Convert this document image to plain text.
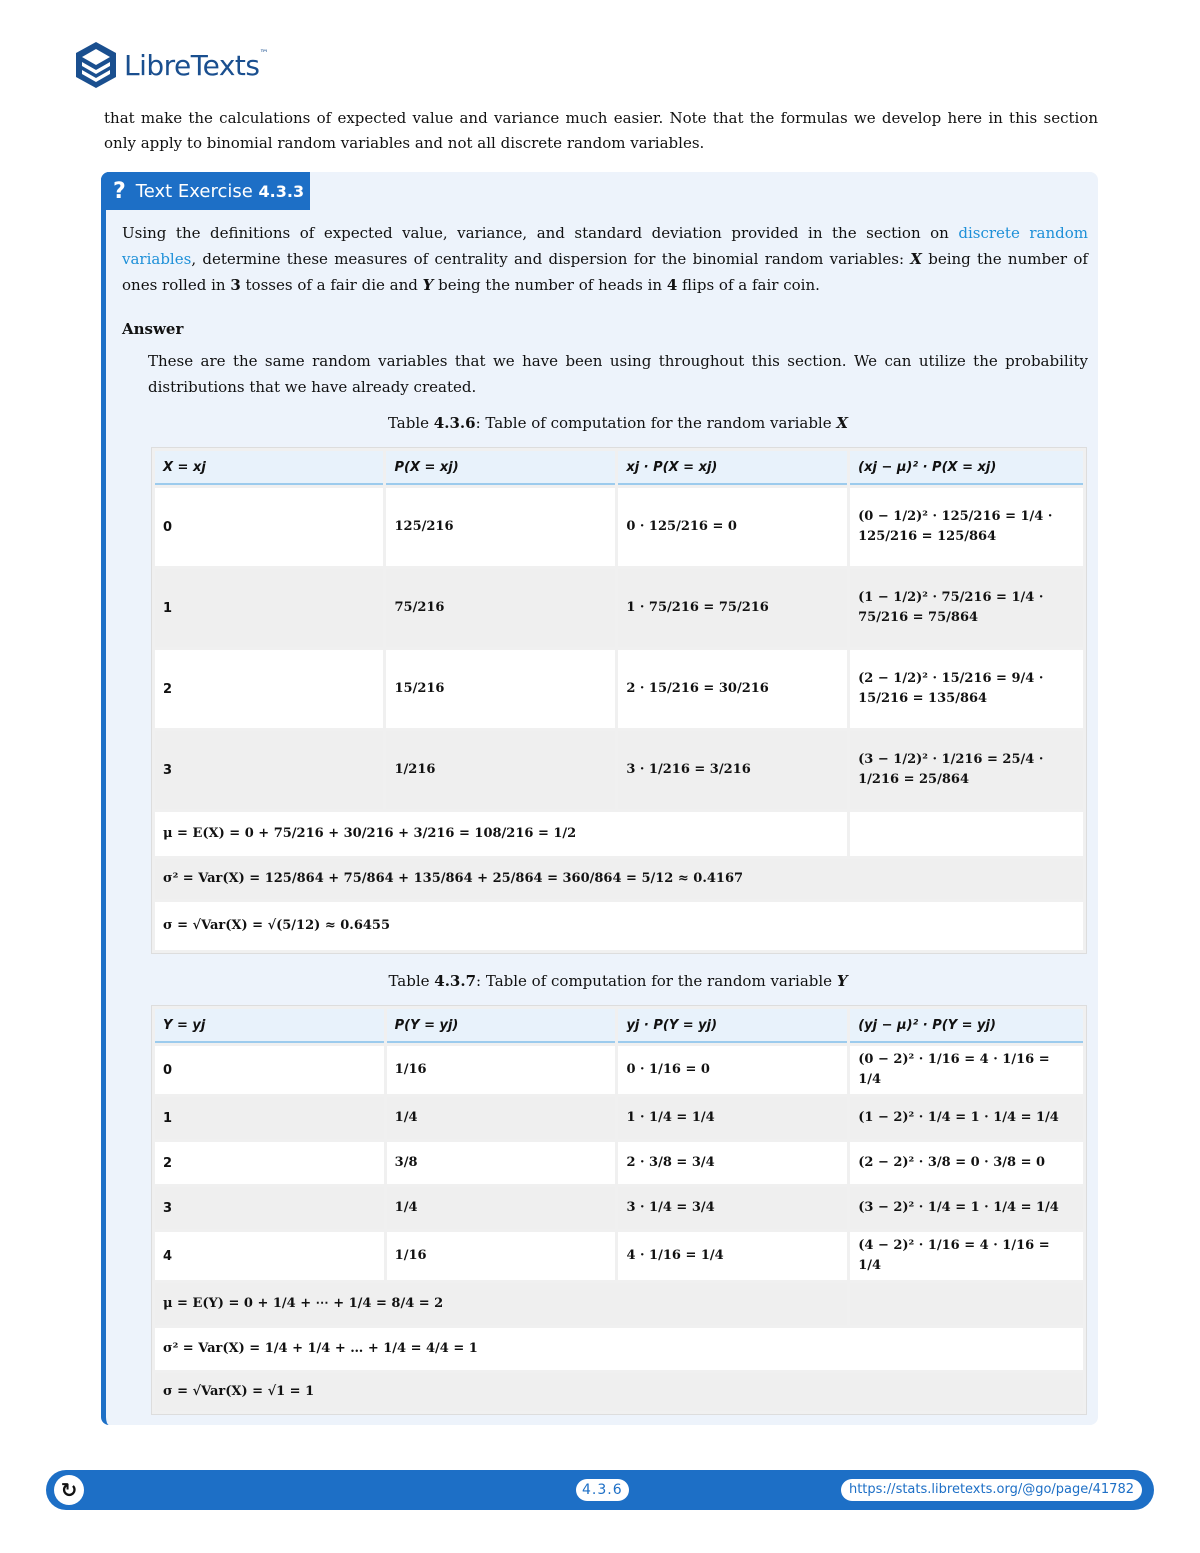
LibreTexts™

that make the calculations of expected value and variance much easier. Note that the formulas we develop here in this section only apply to binomial random variables and not all discrete random variables.

? Text Exercise 4.3.3

Using the definitions of expected value, variance, and standard deviation provided in the section on discrete random variables, determine these measures of centrality and dispersion for the binomial random variables: X being the number of ones rolled in 3 tosses of a fair die and Y being the number of heads in 4 flips of a fair coin.

Answer

These are the same random variables that we have been using throughout this section. We can utilize the probability distributions that we have already created.

Table 4.3.6: Table of computation for the random variable X
X = xj	P(X = xj)	xj · P(X = xj)	(xj − μ)² · P(X = xj)
0	125/216	0 · 125/216 = 0	(0 − 1/2)² · 125/216 = 1/4 · 125/216 = 125/864
1	75/216	1 · 75/216 = 75/216	(1 − 1/2)² · 75/216 = 1/4 · 75/216 = 75/864
2	15/216	2 · 15/216 = 30/216	(2 − 1/2)² · 15/216 = 9/4 · 15/216 = 135/864
3	1/216	3 · 1/216 = 3/216	(3 − 1/2)² · 1/216 = 25/4 · 1/216 = 25/864
μ = E(X) = 0 + 75/216 + 30/216 + 3/216 = 108/216 = 1/2			
σ² = Var(X) = 125/864 + 75/864 + 135/864 + 25/864 = 360/864 = 5/12 ≈ 0.4167			
σ = √Var(X) = √(5/12) ≈ 0.6455			
Table 4.3.7: Table of computation for the random variable Y
Y = yj	P(Y = yj)	yj · P(Y = yj)	(yj − μ)² · P(Y = yj)
0	1/16	0 · 1/16 = 0	(0 − 2)² · 1/16 = 4 · 1/16 = 1/4
1	1/4	1 · 1/4 = 1/4	(1 − 2)² · 1/4 = 1 · 1/4 = 1/4
2	3/8	2 · 3/8 = 3/4	(2 − 2)² · 3/8 = 0 · 3/8 = 0
3	1/4	3 · 1/4 = 3/4	(3 − 2)² · 1/4 = 1 · 1/4 = 1/4
4	1/16	4 · 1/16 = 1/4	(4 − 2)² · 1/16 = 4 · 1/16 = 1/4
μ = E(Y) = 0 + 1/4 + ⋯ + 1/4 = 8/4 = 2			
σ² = Var(X) = 1/4 + 1/4 + … + 1/4 = 4/4 = 1			
σ = √Var(X) = √1 = 1			
↻	4.3.6	https://stats.libretexts.org/@go/page/41782
